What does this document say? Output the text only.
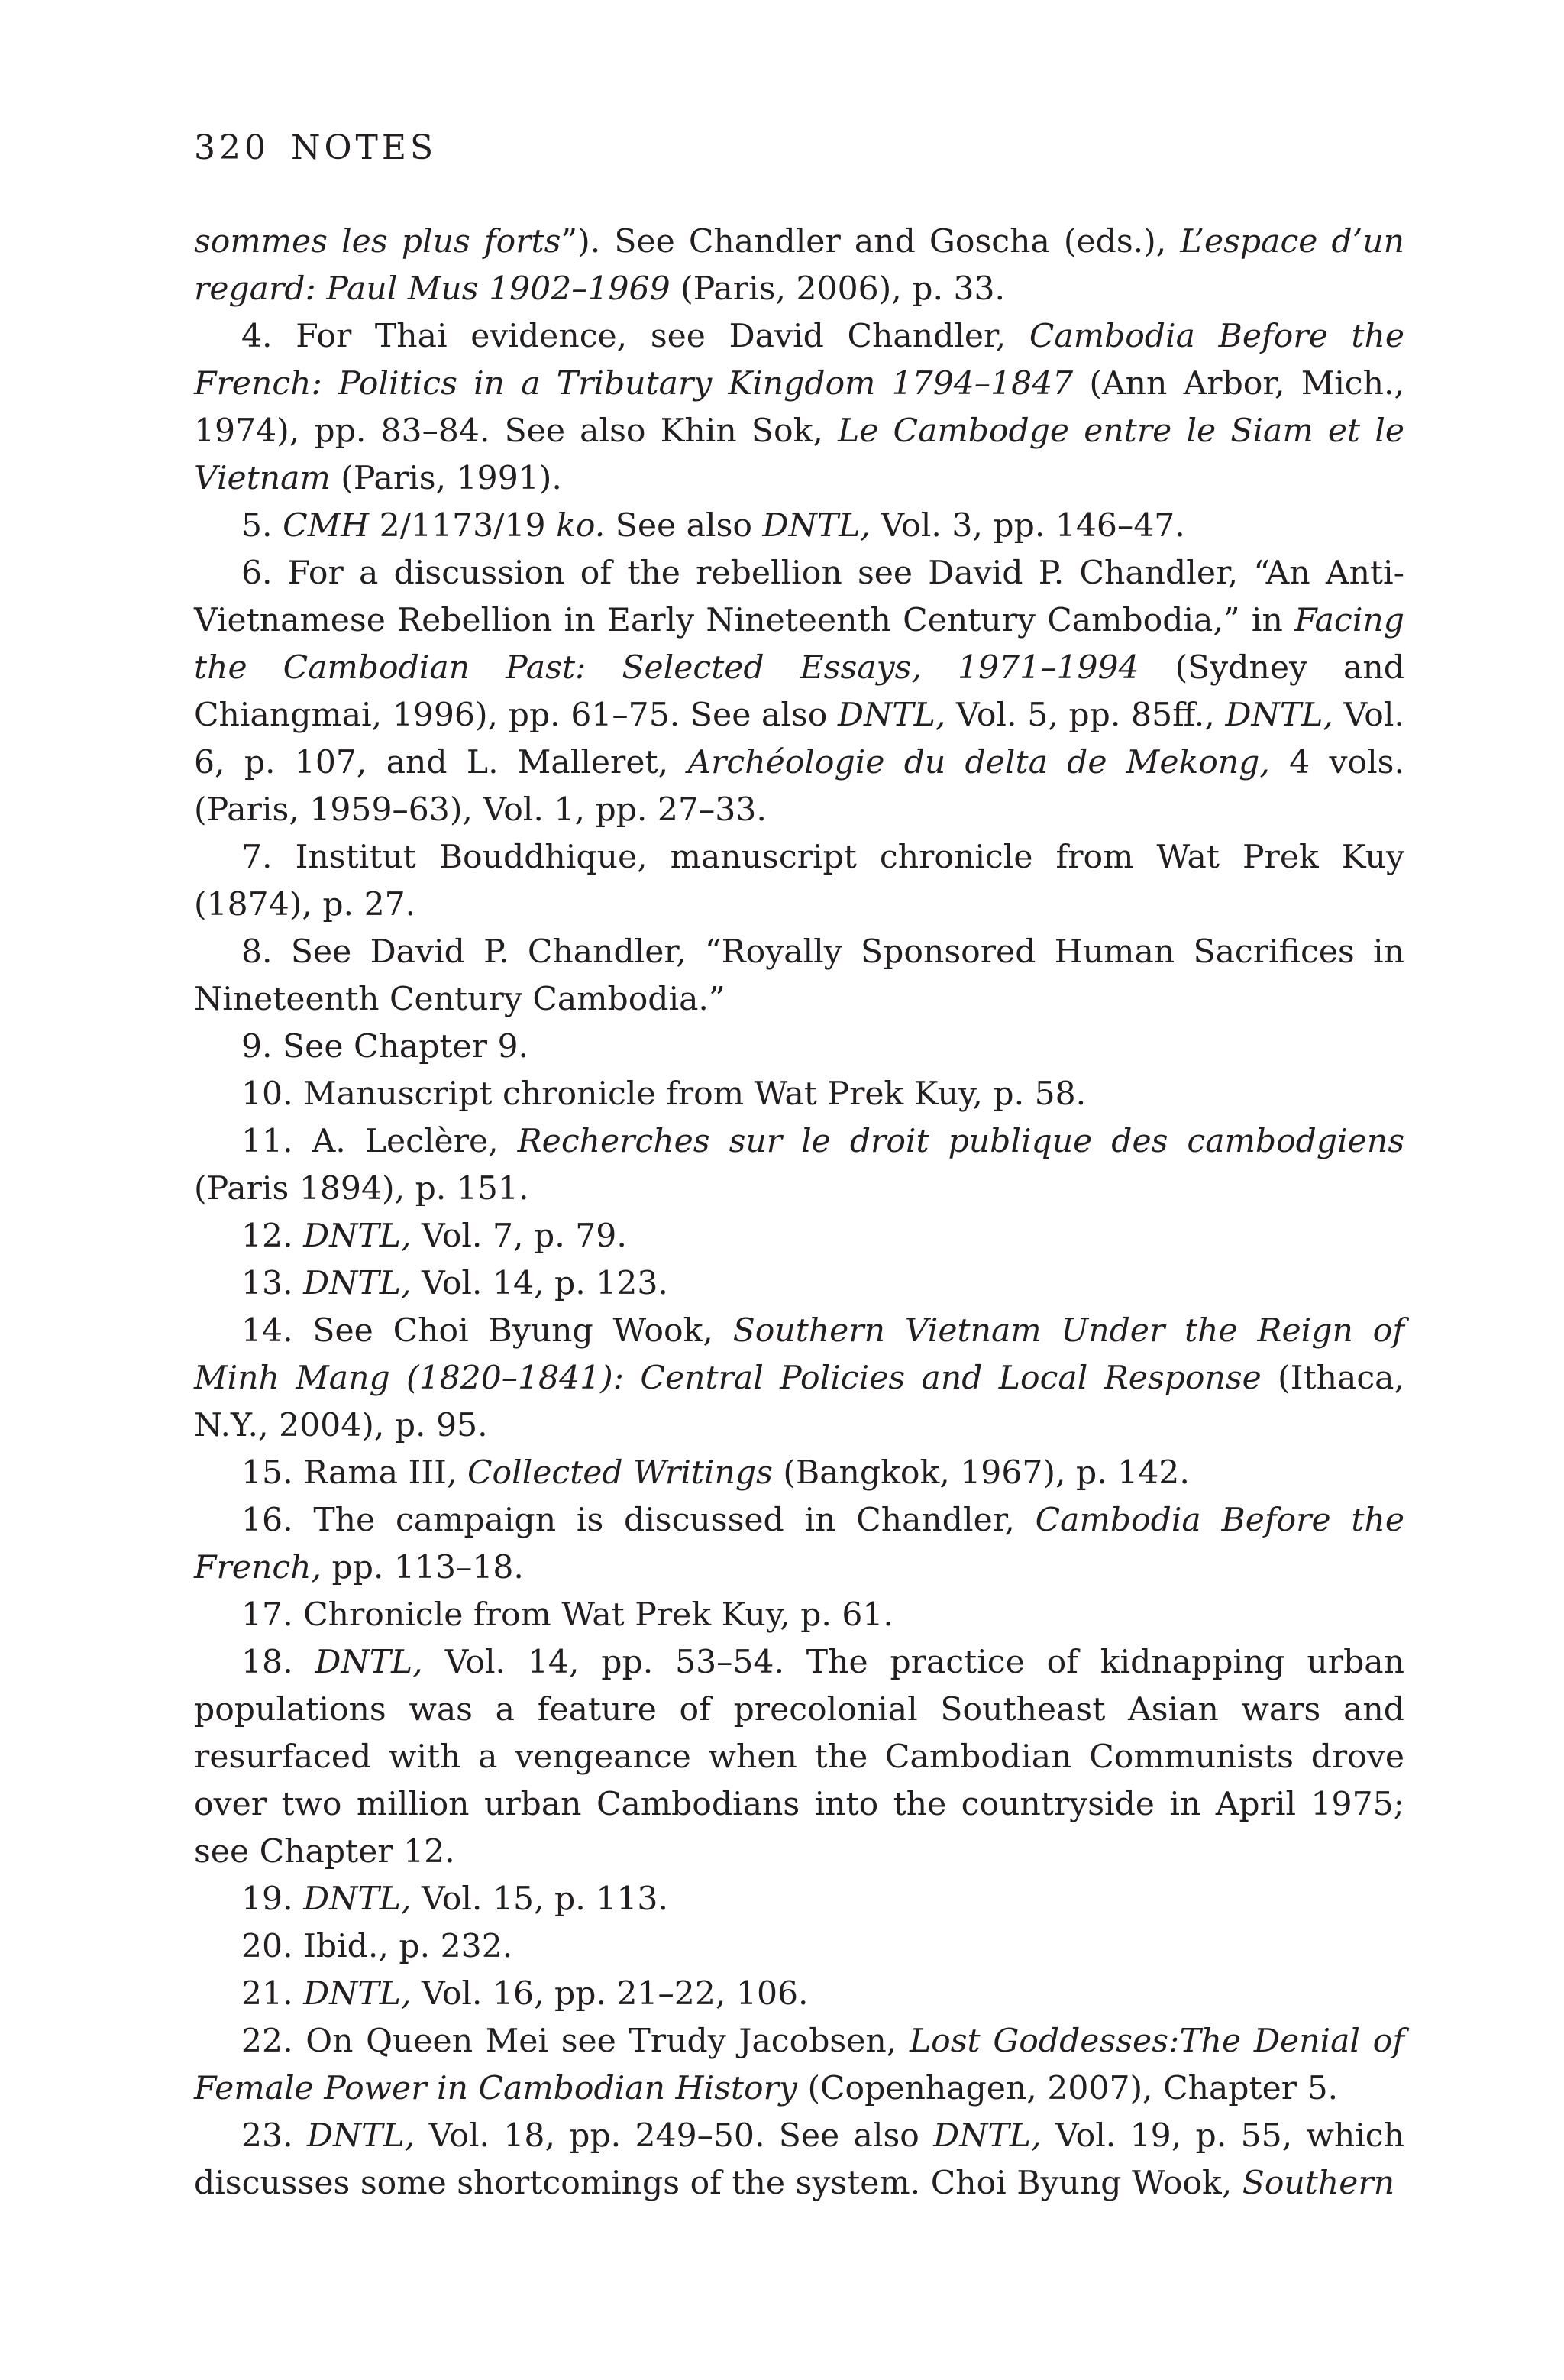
320 NOTES

sommes les plus forts”). See Chandler and Goscha (eds.), L’espace d’un regard: Paul Mus 1902–1969 (Paris, 2006), p. 33.

4. For Thai evidence, see David Chandler, Cambodia Before the French: Politics in a Tributary Kingdom 1794–1847 (Ann Arbor, Mich., 1974), pp. 83–84. See also Khin Sok, Le Cambodge entre le Siam et le Vietnam (Paris, 1991).

5. CMH 2/1173/19 ko. See also DNTL, Vol. 3, pp. 146–47.

6. For a discussion of the rebellion see David P. Chandler, “An Anti-Vietnamese Rebellion in Early Nineteenth Century Cambodia,” in Facing the Cambodian Past: Selected Essays, 1971–1994 (Sydney and Chiangmai, 1996), pp. 61–75. See also DNTL, Vol. 5, pp. 85ff., DNTL, Vol. 6, p. 107, and L. Malleret, Archéologie du delta de Mekong, 4 vols. (Paris, 1959–63), Vol. 1, pp. 27–33.

7. Institut Bouddhique, manuscript chronicle from Wat Prek Kuy (1874), p. 27.

8. See David P. Chandler, “Royally Sponsored Human Sacrifices in Nineteenth Century Cambodia.”

9. See Chapter 9.

10. Manuscript chronicle from Wat Prek Kuy, p. 58.

11. A. Leclère, Recherches sur le droit publique des cambodgiens (Paris 1894), p. 151.

12. DNTL, Vol. 7, p. 79.

13. DNTL, Vol. 14, p. 123.

14. See Choi Byung Wook, Southern Vietnam Under the Reign of Minh Mang (1820–1841): Central Policies and Local Response (Ithaca, N.Y., 2004), p. 95.

15. Rama III, Collected Writings (Bangkok, 1967), p. 142.

16. The campaign is discussed in Chandler, Cambodia Before the French, pp. 113–18.

17. Chronicle from Wat Prek Kuy, p. 61.

18. DNTL, Vol. 14, pp. 53–54. The practice of kidnapping urban populations was a feature of precolonial Southeast Asian wars and resurfaced with a vengeance when the Cambodian Communists drove over two million urban Cambodians into the countryside in April 1975; see Chapter 12.

19. DNTL, Vol. 15, p. 113.

20. Ibid., p. 232.

21. DNTL, Vol. 16, pp. 21–22, 106.

22. On Queen Mei see Trudy Jacobsen, Lost Goddesses:The Denial of Female Power in Cambodian History (Copenhagen, 2007), Chapter 5.

23. DNTL, Vol. 18, pp. 249–50. See also DNTL, Vol. 19, p. 55, which discusses some shortcomings of the system. Choi Byung Wook, Southern
